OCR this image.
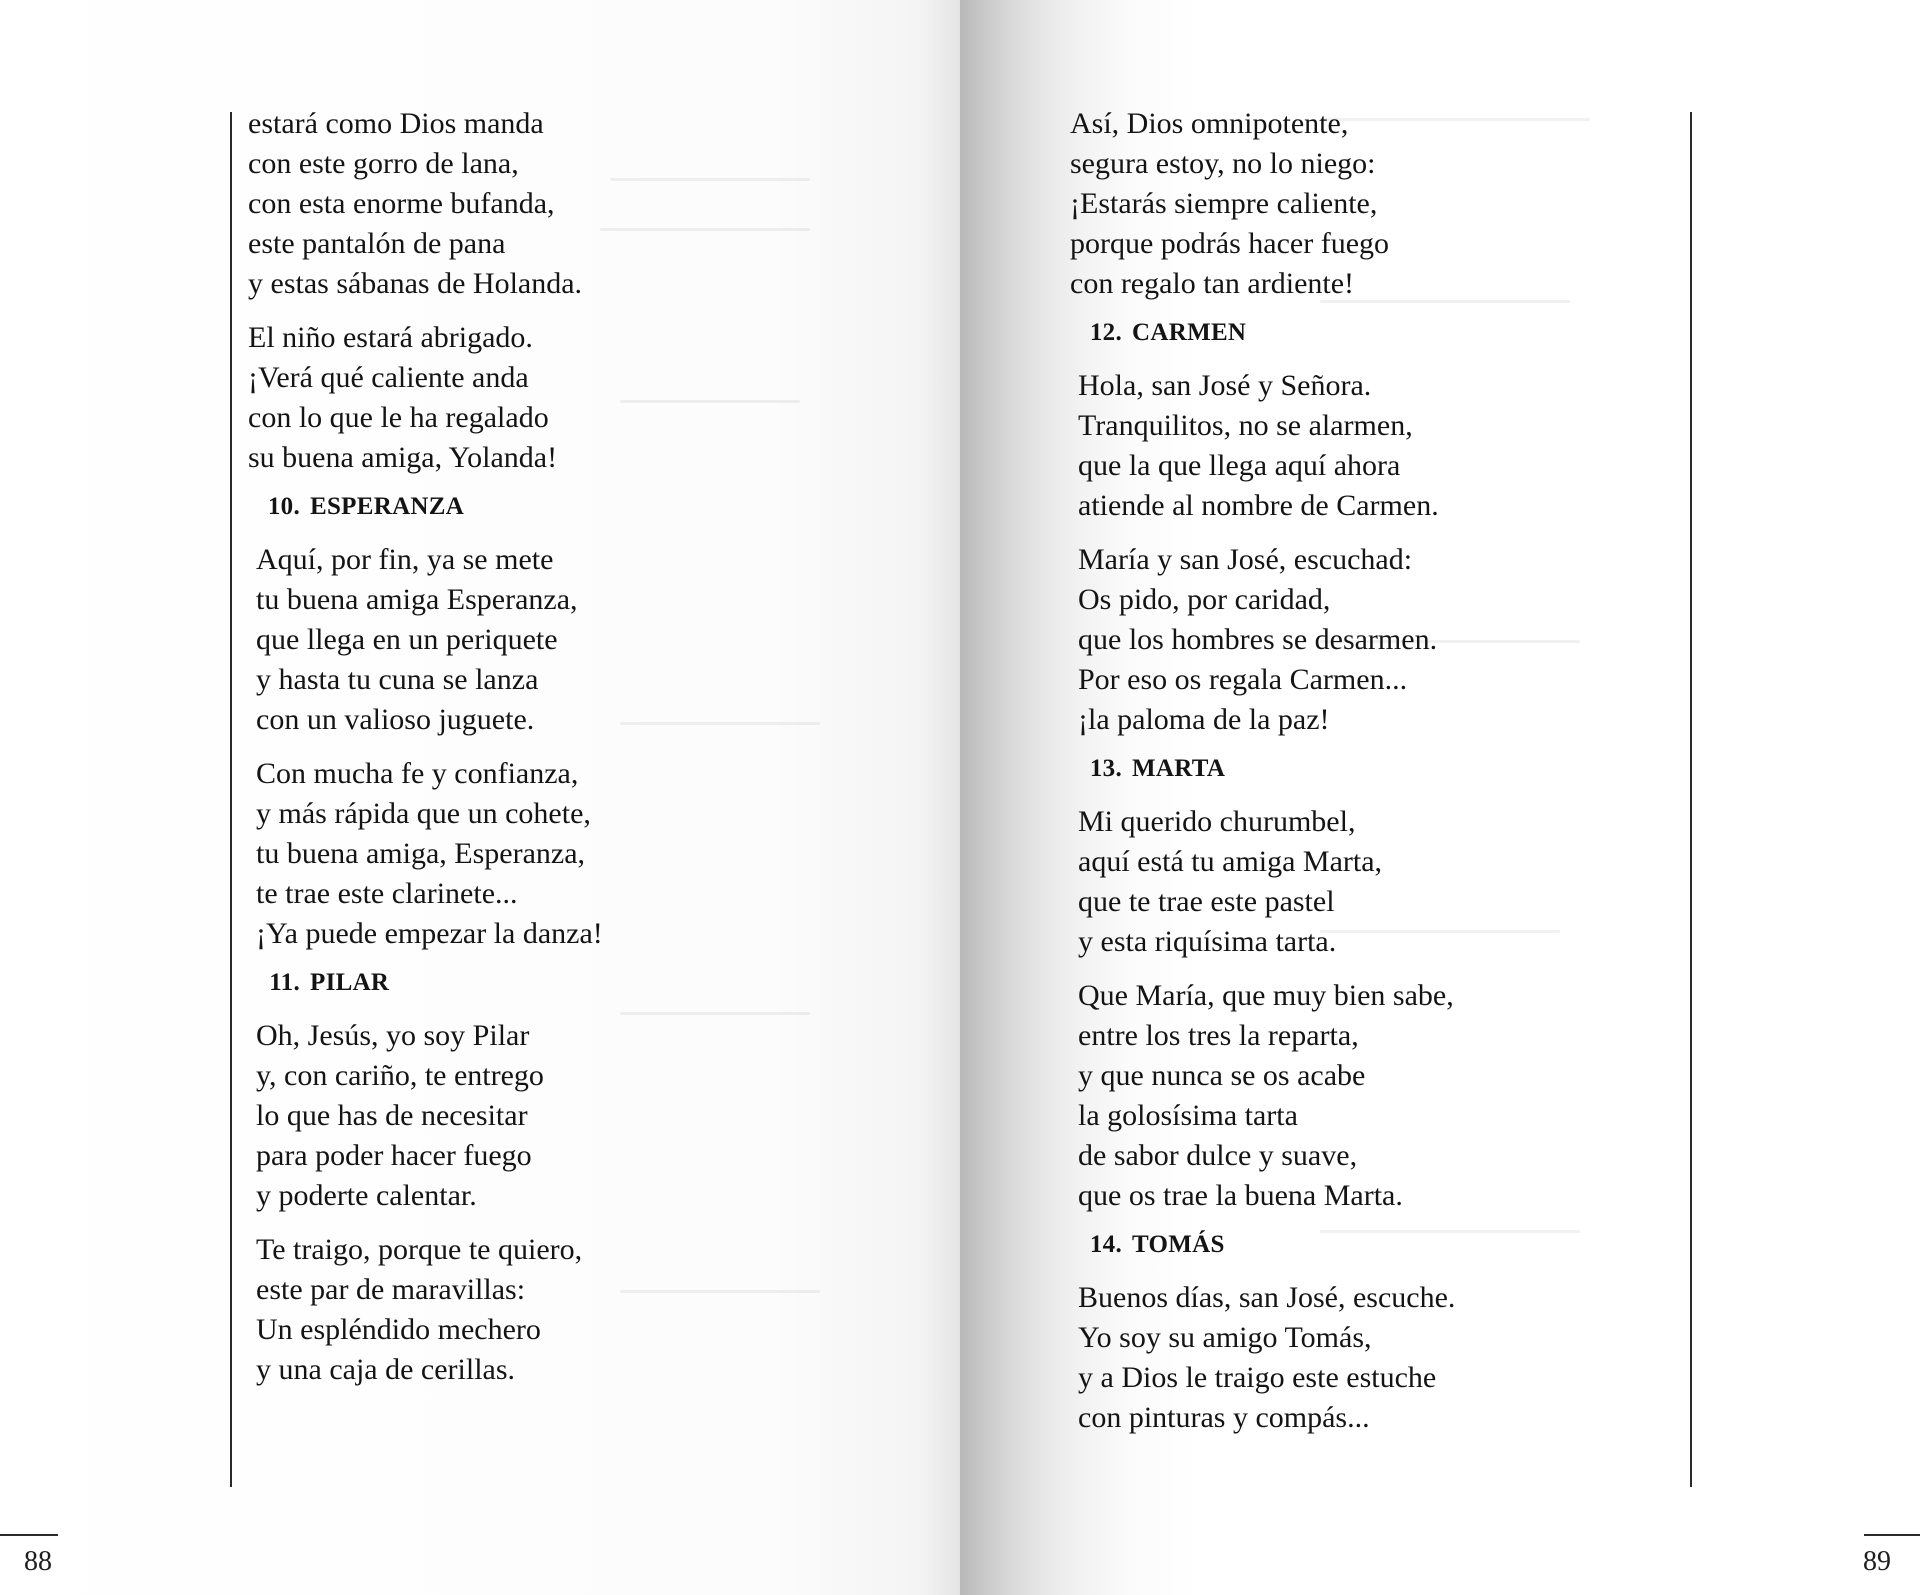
estará como Dios manda
con este gorro de lana,
con esta enorme bufanda,
este pantalón de pana
y estas sábanas de Holanda.
El niño estará abrigado.
¡Verá qué caliente anda
con lo que le ha regalado
su buena amiga, Yolanda!
10. ESPERANZA
Aquí, por fin, ya se mete
tu buena amiga Esperanza,
que llega en un periquete
y hasta tu cuna se lanza
con un valioso juguete.
Con mucha fe y confianza,
y más rápida que un cohete,
tu buena amiga, Esperanza,
te trae este clarinete...
¡Ya puede empezar la danza!
11. PILAR
Oh, Jesús, yo soy Pilar
y, con cariño, te entrego
lo que has de necesitar
para poder hacer fuego
y poderte calentar.
Te traigo, porque te quiero,
este par de maravillas:
Un espléndido mechero
y una caja de cerillas.
88
Así, Dios omnipotente,
segura estoy, no lo niego:
¡Estarás siempre caliente,
porque podrás hacer fuego
con regalo tan ardiente!
12. CARMEN
Hola, san José y Señora.
Tranquilitos, no se alarmen,
que la que llega aquí ahora
atiende al nombre de Carmen.
María y san José, escuchad:
Os pido, por caridad,
que los hombres se desarmen.
Por eso os regala Carmen...
¡la paloma de la paz!
13. MARTA
Mi querido churumbel,
aquí está tu amiga Marta,
que te trae este pastel
y esta riquísima tarta.
Que María, que muy bien sabe,
entre los tres la reparta,
y que nunca se os acabe
la golosísima tarta
de sabor dulce y suave,
que os trae la buena Marta.
14. TOMÁS
Buenos días, san José, escuche.
Yo soy su amigo Tomás,
y a Dios le traigo este estuche
con pinturas y compás...
89
